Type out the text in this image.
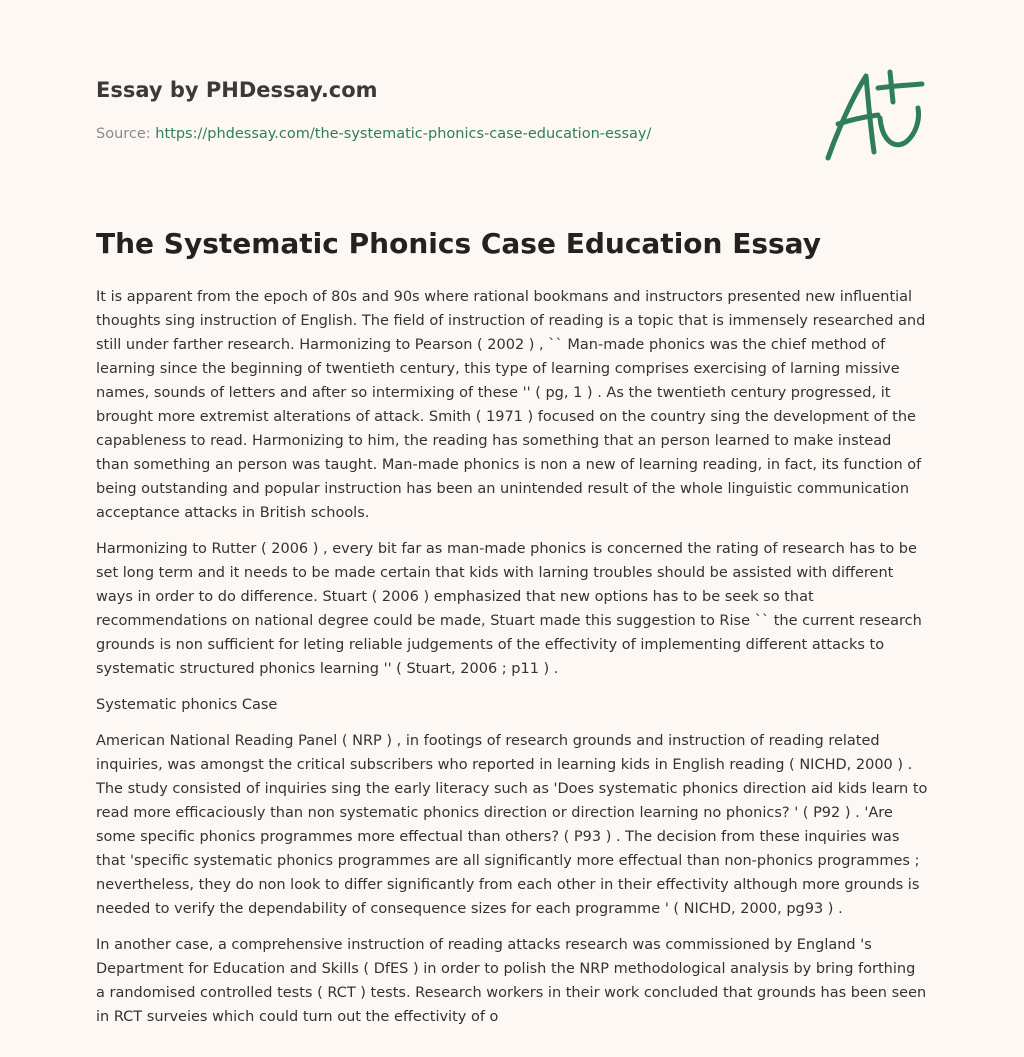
Essay by PHDessay.com
Source: https://phdessay.com/the-systematic-phonics-case-education-essay/
The Systematic Phonics Case Education Essay

It is apparent from the epoch of 80s and 90s where rational bookmans and instructors presented new influential thoughts sing instruction of English. The field of instruction of reading is a topic that is immensely researched and still under farther research. Harmonizing to Pearson ( 2002 ) , `` Man-made phonics was the chief method of learning since the beginning of twentieth century, this type of learning comprises exercising of larning missive names, sounds of letters and after so intermixing of these '' ( pg, 1 ) . As the twentieth century progressed, it brought more extremist alterations of attack. Smith ( 1971 ) focused on the country sing the development of the capableness to read. Harmonizing to him, the reading has something that an person learned to make instead than something an person was taught. Man-made phonics is non a new of learning reading, in fact, its function of being outstanding and popular instruction has been an unintended result of the whole linguistic communication acceptance attacks in British schools.

Harmonizing to Rutter ( 2006 ) , every bit far as man-made phonics is concerned the rating of research has to be set long term and it needs to be made certain that kids with larning troubles should be assisted with different ways in order to do difference. Stuart ( 2006 ) emphasized that new options has to be seek so that recommendations on national degree could be made, Stuart made this suggestion to Rise `` the current research grounds is non sufficient for leting reliable judgements of the effectivity of implementing different attacks to systematic structured phonics learning '' ( Stuart, 2006 ; p11 ) .

Systematic phonics Case

American National Reading Panel ( NRP ) , in footings of research grounds and instruction of reading related inquiries, was amongst the critical subscribers who reported in learning kids in English reading ( NICHD, 2000 ) . The study consisted of inquiries sing the early literacy such as 'Does systematic phonics direction aid kids learn to read more efficaciously than non systematic phonics direction or direction learning no phonics? ' ( P92 ) . 'Are some specific phonics programmes more effectual than others? ( P93 ) . The decision from these inquiries was that 'specific systematic phonics programmes are all significantly more effectual than non-phonics programmes ; nevertheless, they do non look to differ significantly from each other in their effectivity although more grounds is needed to verify the dependability of consequence sizes for each programme ' ( NICHD, 2000, pg93 ) .

In another case, a comprehensive instruction of reading attacks research was commissioned by England 's Department for Education and Skills ( DfES ) in order to polish the NRP methodological analysis by bring forthing a randomised controlled tests ( RCT ) tests. Research workers in their work concluded that grounds has been seen in RCT surveies which could turn out the effectivity of o
